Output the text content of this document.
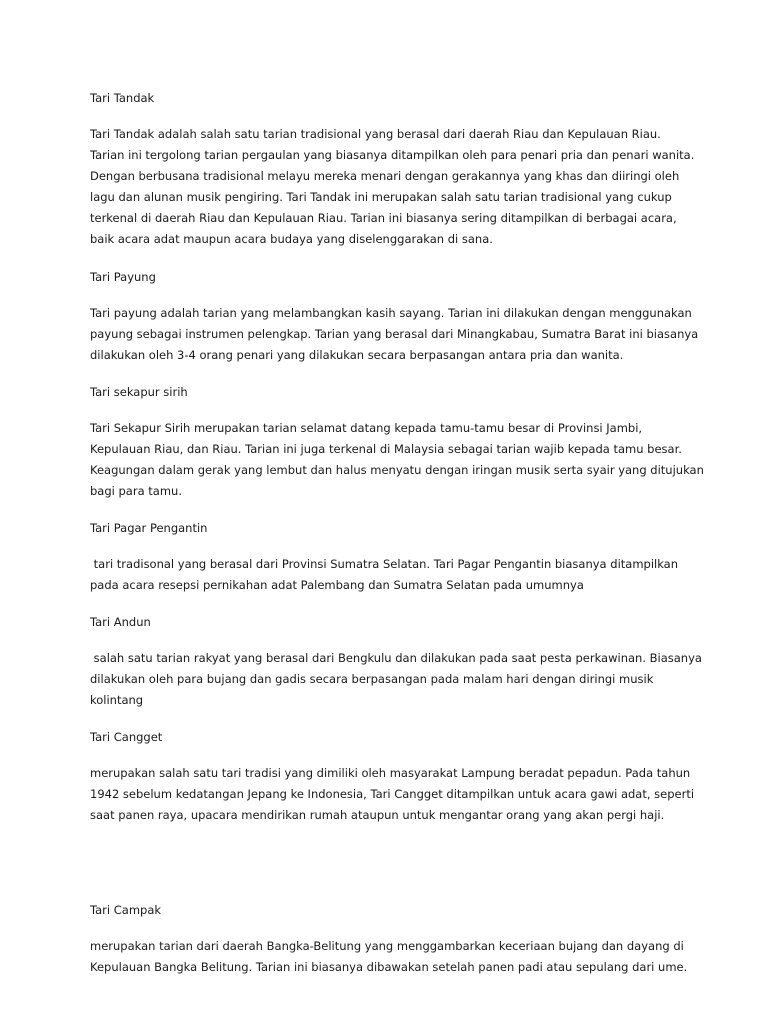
Tari Tandak

Tari Tandak adalah salah satu tarian tradisional yang berasal dari daerah Riau dan Kepulauan Riau.
Tarian ini tergolong tarian pergaulan yang biasanya ditampilkan oleh para penari pria dan penari wanita.
Dengan berbusana tradisional melayu mereka menari dengan gerakannya yang khas dan diiringi oleh
lagu dan alunan musik pengiring. Tari Tandak ini merupakan salah satu tarian tradisional yang cukup
terkenal di daerah Riau dan Kepulauan Riau. Tarian ini biasanya sering ditampilkan di berbagai acara,
baik acara adat maupun acara budaya yang diselenggarakan di sana.

Tari Payung

Tari payung adalah tarian yang melambangkan kasih sayang. Tarian ini dilakukan dengan menggunakan
payung sebagai instrumen pelengkap. Tarian yang berasal dari Minangkabau, Sumatra Barat ini biasanya
dilakukan oleh 3-4 orang penari yang dilakukan secara berpasangan antara pria dan wanita.

Tari sekapur sirih

Tari Sekapur Sirih merupakan tarian selamat datang kepada tamu-tamu besar di Provinsi Jambi,
Kepulauan Riau, dan Riau. Tarian ini juga terkenal di Malaysia sebagai tarian wajib kepada tamu besar.
Keagungan dalam gerak yang lembut dan halus menyatu dengan iringan musik serta syair yang ditujukan
bagi para tamu.

Tari Pagar Pengantin

tari tradisonal yang berasal dari Provinsi Sumatra Selatan. Tari Pagar Pengantin biasanya ditampilkan
pada acara resepsi pernikahan adat Palembang dan Sumatra Selatan pada umumnya

Tari Andun

salah satu tarian rakyat yang berasal dari Bengkulu dan dilakukan pada saat pesta perkawinan. Biasanya
dilakukan oleh para bujang dan gadis secara berpasangan pada malam hari dengan diringi musik
kolintang

Tari Cangget

merupakan salah satu tari tradisi yang dimiliki oleh masyarakat Lampung beradat pepadun. Pada tahun
1942 sebelum kedatangan Jepang ke Indonesia, Tari Cangget ditampilkan untuk acara gawi adat, seperti
saat panen raya, upacara mendirikan rumah ataupun untuk mengantar orang yang akan pergi haji.

Tari Campak

merupakan tarian dari daerah Bangka-Belitung yang menggambarkan keceriaan bujang dan dayang di
Kepulauan Bangka Belitung. Tarian ini biasanya dibawakan setelah panen padi atau sepulang dari ume.
